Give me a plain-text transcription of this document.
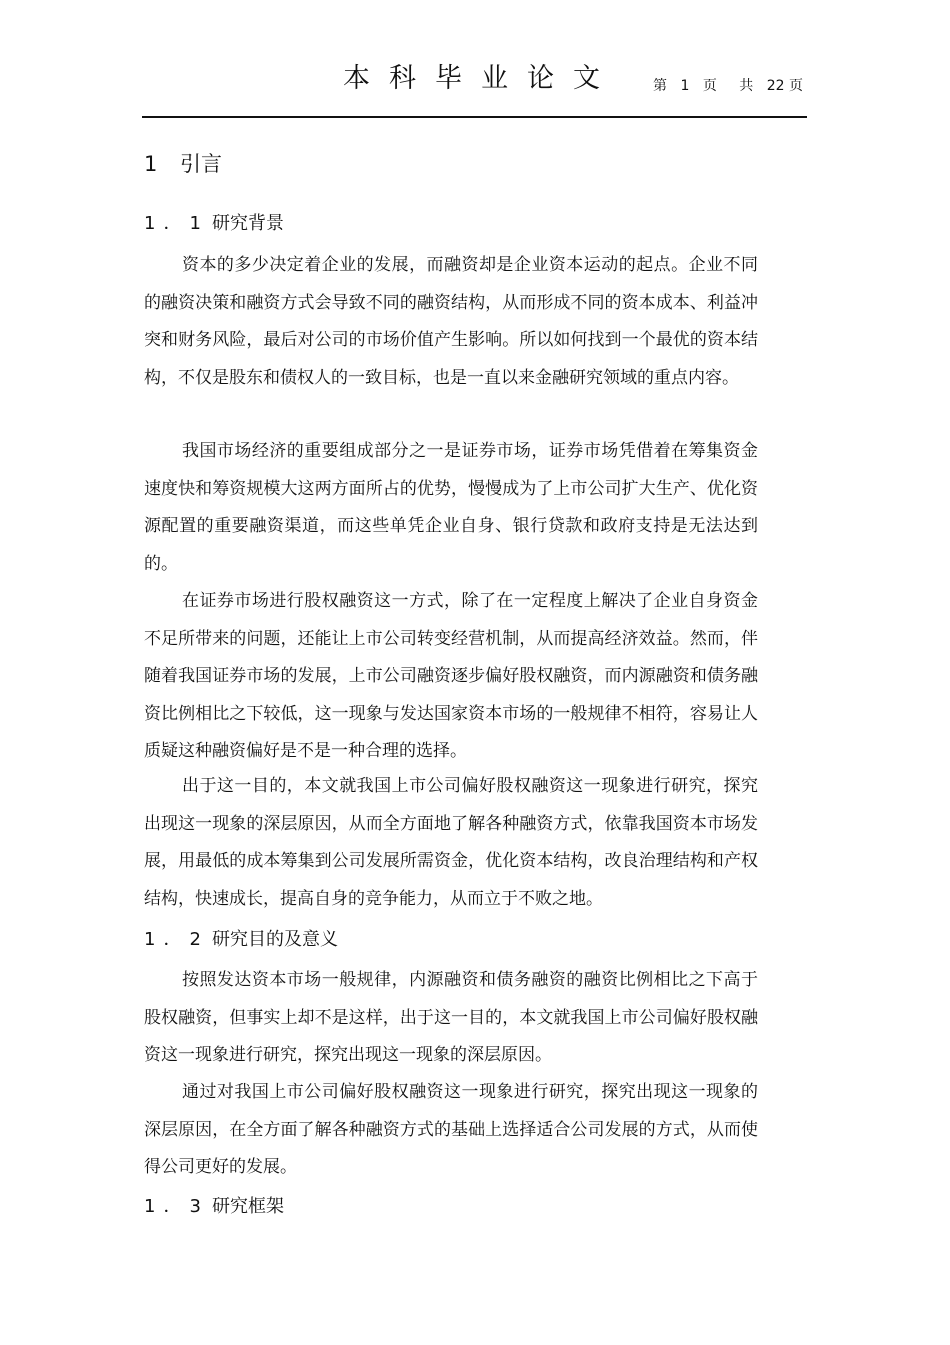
本科毕业论文 第 1 页 共 22 页
1 引言
1．1 研究背景

资本的多少决定着企业的发展，而融资却是企业资本运动的起点。企业不同的融资决策和融资方式会导致不同的融资结构，从而形成不同的资本成本、利益冲突和财务风险，最后对公司的市场价值产生影响。所以如何找到一个最优的资本结构，不仅是股东和债权人的一致目标，也是一直以来金融研究领域的重点内容。

我国市场经济的重要组成部分之一是证券市场，证券市场凭借着在筹集资金速度快和筹资规模大这两方面所占的优势，慢慢成为了上市公司扩大生产、优化资源配置的重要融资渠道，而这些单凭企业自身、银行贷款和政府支持是无法达到的。

在证券市场进行股权融资这一方式，除了在一定程度上解决了企业自身资金不足所带来的问题，还能让上市公司转变经营机制，从而提高经济效益。然而，伴随着我国证券市场的发展，上市公司融资逐步偏好股权融资，而内源融资和债务融资比例相比之下较低，这一现象与发达国家资本市场的一般规律不相符，容易让人质疑这种融资偏好是不是一种合理的选择。

出于这一目的，本文就我国上市公司偏好股权融资这一现象进行研究，探究出现这一现象的深层原因，从而全方面地了解各种融资方式，依靠我国资本市场发展，用最低的成本筹集到公司发展所需资金，优化资本结构，改良治理结构和产权结构，快速成长，提高自身的竞争能力，从而立于不败之地。

1．2 研究目的及意义

按照发达资本市场一般规律，内源融资和债务融资的融资比例相比之下高于股权融资，但事实上却不是这样，出于这一目的，本文就我国上市公司偏好股权融资这一现象进行研究，探究出现这一现象的深层原因。

通过对我国上市公司偏好股权融资这一现象进行研究，探究出现这一现象的深层原因，在全方面了解各种融资方式的基础上选择适合公司发展的方式，从而使得公司更好的发展。

1．3 研究框架
